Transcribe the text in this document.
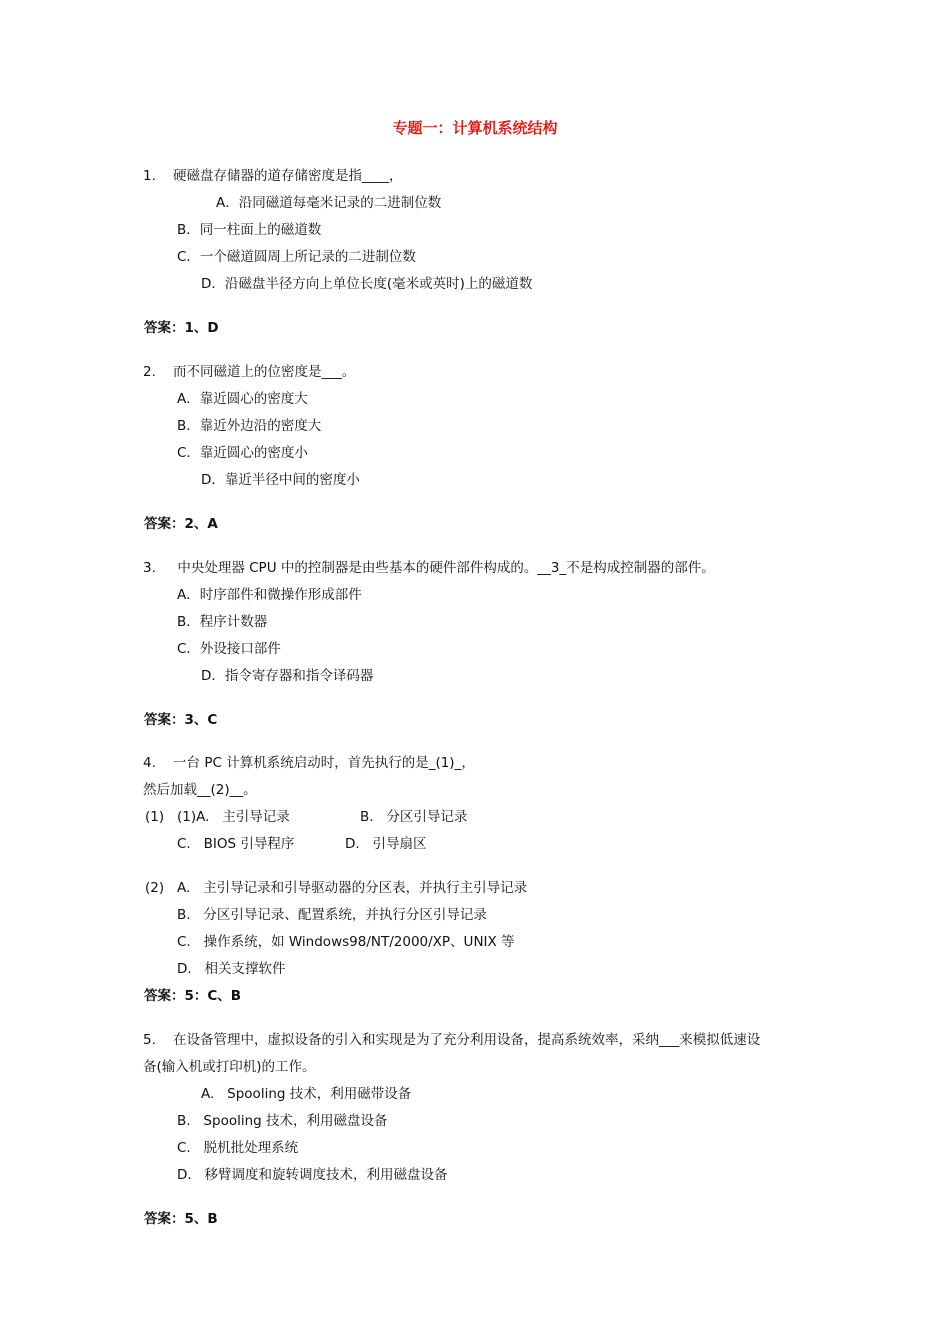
专题一：计算机系统结构
1.    硬磁盘存储器的道存储密度是指____，
A．沿同磁道每毫米记录的二进制位数
B．同一柱面上的磁道数
C．一个磁道圆周上所记录的二进制位数
D．沿磁盘半径方向上单位长度(毫米或英时)上的磁道数
答案：1、D
2.    而不同磁道上的位密度是___。
A．靠近圆心的密度大
B．靠近外边沿的密度大
C．靠近圆心的密度小
D．靠近半径中间的密度小
答案：2、A
3.     中央处理器 CPU 中的控制器是由些基本的硬件部件构成的。__3_不是构成控制器的部件。
A．时序部件和微操作形成部件
B．程序计数器
C．外设接口部件
D．指令寄存器和指令译码器
答案：3、C
4.    一台 PC 计算机系统启动时，首先执行的是_(1)_，
然后加载__(2)__。
(1)   (1)A.   主引导记录	B.   分区引导记录
C.   BIOS 引导程序	D.   引导扇区
(2)   A.   主引导记录和引导驱动器的分区表，并执行主引导记录
B.   分区引导记录、配置系统，并执行分区引导记录
C.   操作系统，如 Windows98/NT/2000/XP、UNIX 等
D.   相关支撑软件
答案：5：C、B
5.    在设备管理中，虚拟设备的引入和实现是为了充分利用设备，提高系统效率，采纳___来模拟低速设
备(输入机或打印机)的工作。
A.   Spooling 技术，利用磁带设备
B.   Spooling 技术，利用磁盘设备
C.   脱机批处理系统
D.   移臂调度和旋转调度技术，利用磁盘设备
答案：5、B
